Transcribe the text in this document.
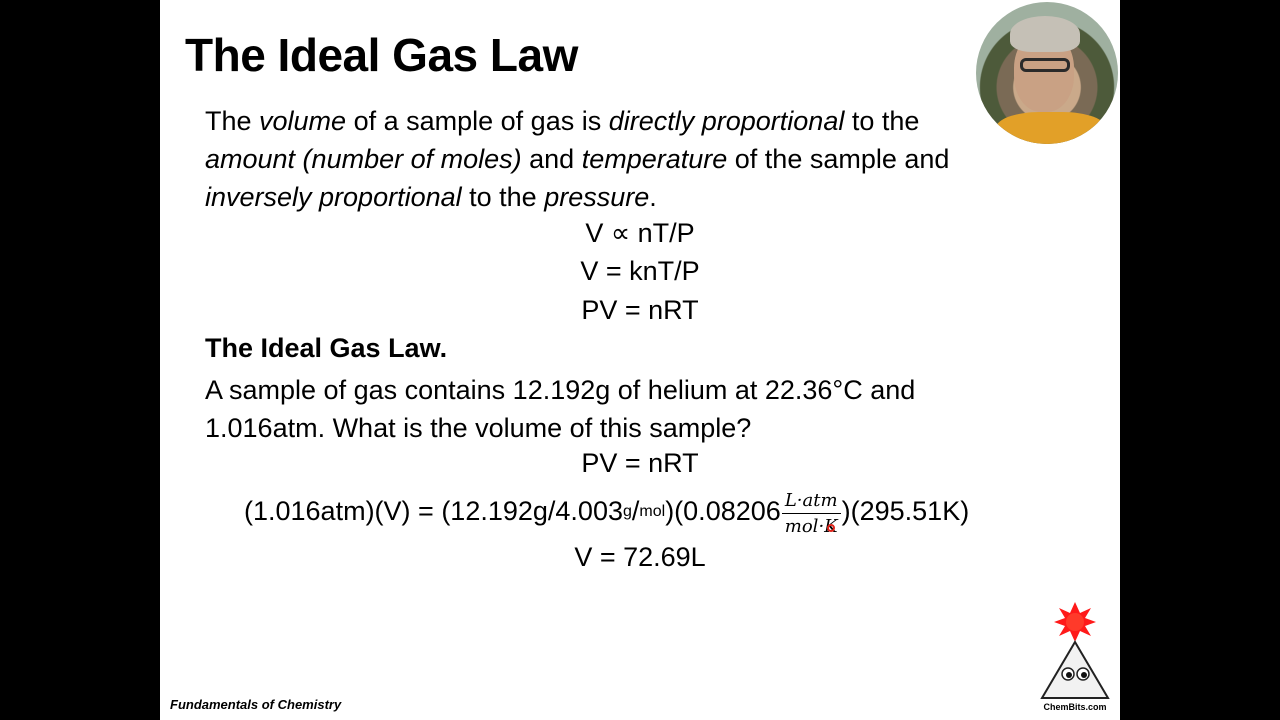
The Ideal Gas Law
The volume of a sample of gas is directly proportional to the
amount (number of moles) and temperature of the sample and
inversely proportional to the pressure.
V ∝ nT/P
V = knT/P
PV = nRT
The Ideal Gas Law.
A sample of gas contains 12.192g of helium at 22.36°C and
1.016atm. What is the volume of this sample?
PV = nRT
(1.016atm)(V) = (12.192g/4.003 g / mol )$(0.08206 \frac{\text{L·atm}}{\text{mol·K}} )(295.51K)$
V = 72.69L
Fundamentals of Chemistry	ChemBits.com
